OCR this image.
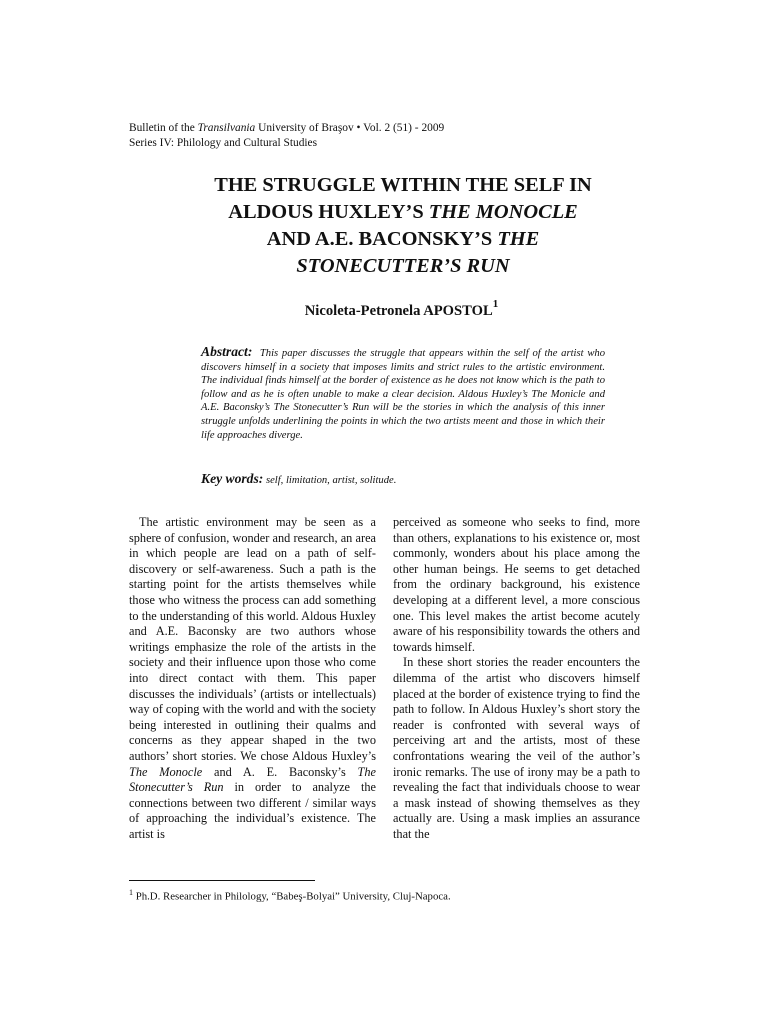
Bulletin of the Transilvania University of Braşov • Vol. 2 (51) - 2009
Series IV: Philology and Cultural Studies
THE STRUGGLE WITHIN THE SELF IN
ALDOUS HUXLEY’S THE MONOCLE
AND A.E. BACONSKY’S THE
STONECUTTER’S RUN
Nicoleta-Petronela APOSTOL$^1$
Abstract: This paper discusses the struggle that appears within the self of the artist who discovers himself in a society that imposes limits and strict rules to the artistic environment. The individual finds himself at the border of existence as he does not know which is the path to follow and as he is often unable to make a clear decision. Aldous Huxley’s The Monicle and A.E. Baconsky’s The Stonecutter’s Run will be the stories in which the analysis of this inner struggle unfolds underlining the points in which the two artists meent and those in which their life approaches diverge.
Key words: self, limitation, artist, solitude.

The artistic environment may be seen as a sphere of confusion, wonder and research, an area in which people are lead on a path of self-discovery or self-awareness. Such a path is the starting point for the artists themselves while those who witness the process can add something to the understanding of this world. Aldous Huxley and A.E. Baconsky are two authors whose writings emphasize the role of the artists in the society and their influence upon those who come into direct contact with them. This paper discusses the individuals’ (artists or intellectuals) way of coping with the world and with the society being interested in outlining their qualms and concerns as they appear shaped in the two authors’ short stories. We chose Aldous Huxley’s The Monocle and A. E. Baconsky’s The Stonecutter’s Run in order to analyze the connections between two different / similar ways of approaching the individual’s existence. The artist is

perceived as someone who seeks to find, more than others, explanations to his existence or, most commonly, wonders about his place among the other human beings. He seems to get detached from the ordinary background, his existence developing at a different level, a more conscious one. This level makes the artist become acutely aware of his responsibility towards the others and towards himself.

In these short stories the reader encounters the dilemma of the artist who discovers himself placed at the border of existence trying to find the path to follow. In Aldous Huxley’s short story the reader is confronted with several ways of perceiving art and the artists, most of these confrontations wearing the veil of the author’s ironic remarks. The use of irony may be a path to revealing the fact that individuals choose to wear a mask instead of showing themselves as they actually are. Using a mask implies an assurance that the

$^1$ Ph.D. Researcher in Philology, “Babeş-Bolyai” University, Cluj-Napoca.
